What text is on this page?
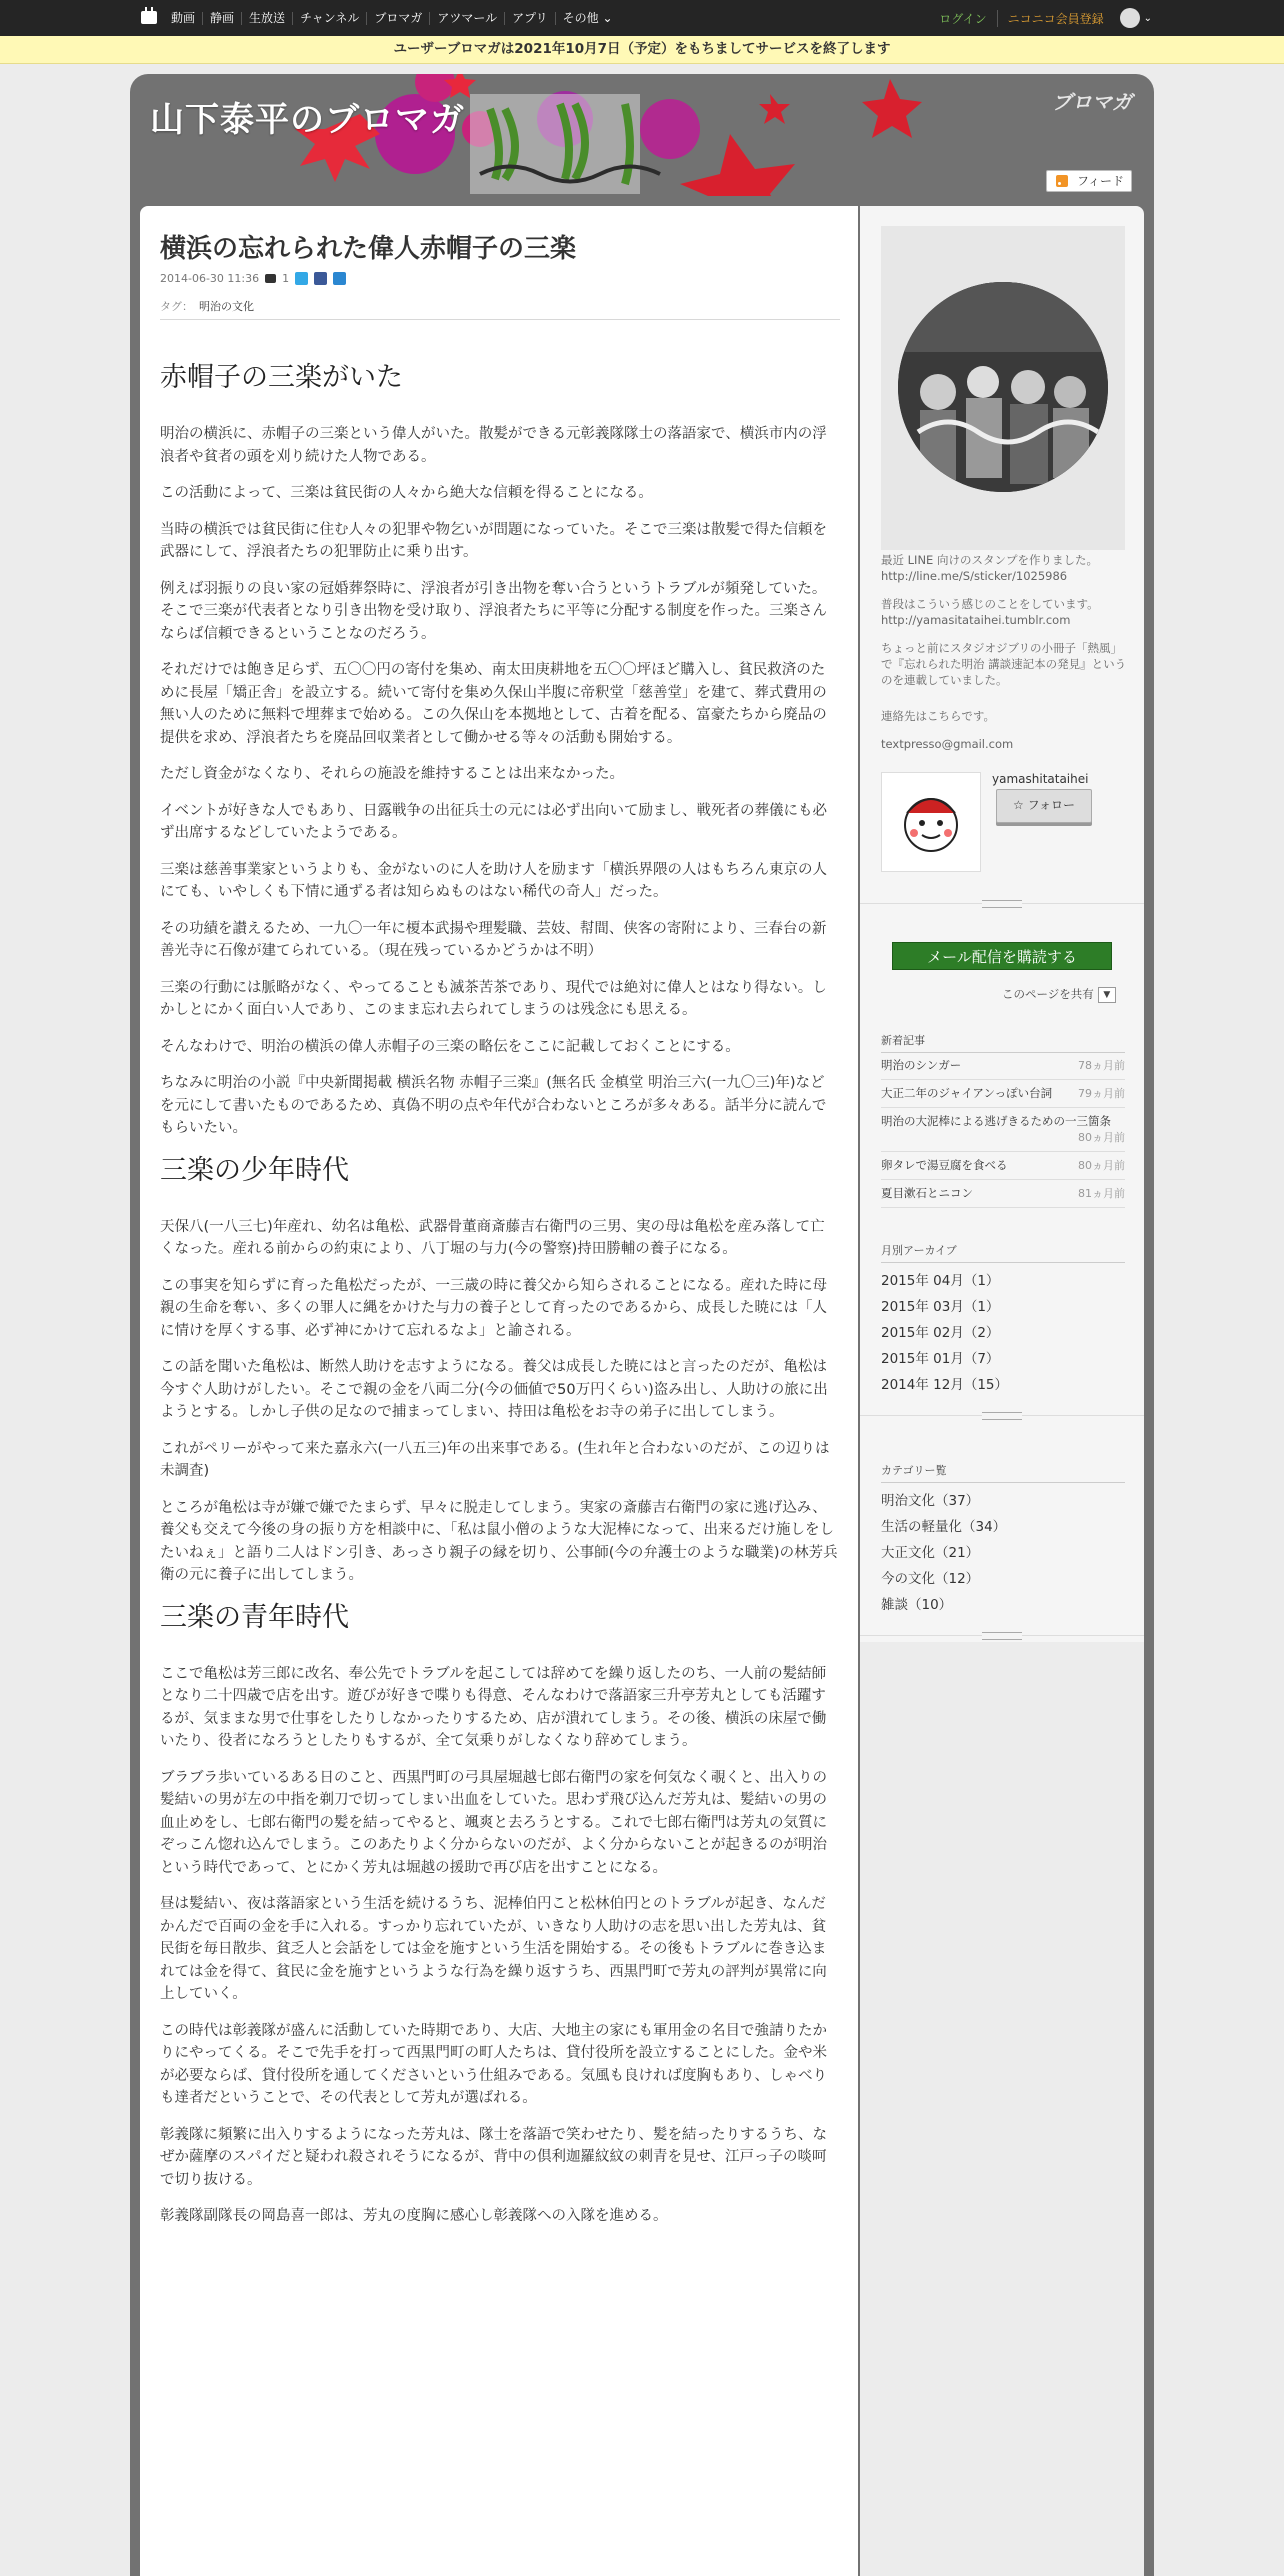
動画	静画	生放送	チャンネル	ブロマガ	アツマール	アプリ	その他 ⌄	ログイン	ニコニコ会員登録	⌄
ユーザーブロマガは2021年10月7日（予定）をもちましてサービスを終了します
山下泰平のブロマガ	ブロマガ
フィード
横浜の忘れられた偉人赤帽子の三楽
2014-06-30 11:36 1
タグ： 明治の文化
赤帽子の三楽がいた

明治の横浜に、赤帽子の三楽という偉人がいた。散髪ができる元彰義隊隊士の落語家で、横浜市内の浮浪者や貧者の頭を刈り続けた人物である。

この活動によって、三楽は貧民街の人々から絶大な信頼を得ることになる。

当時の横浜では貧民街に住む人々の犯罪や物乞いが問題になっていた。そこで三楽は散髪で得た信頼を武器にして、浮浪者たちの犯罪防止に乗り出す。

例えば羽振りの良い家の冠婚葬祭時に、浮浪者が引き出物を奪い合うというトラブルが頻発していた。そこで三楽が代表者となり引き出物を受け取り、浮浪者たちに平等に分配する制度を作った。三楽さんならば信頼できるということなのだろう。

それだけでは飽き足らず、五〇〇円の寄付を集め、南太田庚耕地を五〇〇坪ほど購入し、貧民救済のために長屋「矯正舎」を設立する。続いて寄付を集め久保山半腹に帝釈堂「慈善堂」を建て、葬式費用の無い人のために無料で埋葬まで始める。この久保山を本拠地として、古着を配る、富豪たちから廃品の提供を求め、浮浪者たちを廃品回収業者として働かせる等々の活動も開始する。

ただし資金がなくなり、それらの施設を維持することは出来なかった。

イベントが好きな人でもあり、日露戦争の出征兵士の元には必ず出向いて励まし、戦死者の葬儀にも必ず出席するなどしていたようである。

三楽は慈善事業家というよりも、金がないのに人を助け人を励ます「横浜界隈の人はもちろん東京の人にても、いやしくも下情に通ずる者は知らぬものはない稀代の奇人」だった。

その功績を讃えるため、一九〇一年に榎本武揚や理髪職、芸妓、幇間、侠客の寄附により、三春台の新善光寺に石像が建てられている。（現在残っているかどうかは不明）

三楽の行動には脈略がなく、やってることも滅茶苦茶であり、現代では絶対に偉人とはなり得ない。しかしとにかく面白い人であり、このまま忘れ去られてしまうのは残念にも思える。

そんなわけで、明治の横浜の偉人赤帽子の三楽の略伝をここに記載しておくことにする。

ちなみに明治の小説『中央新聞掲載 横浜名物 赤帽子三楽』(無名氏 金槙堂 明治三六(一九〇三)年)などを元にして書いたものであるため、真偽不明の点や年代が合わないところが多々ある。話半分に読んでもらいたい。

三楽の少年時代

天保八(一八三七)年産れ、幼名は亀松、武器骨董商斎藤吉右衛門の三男、実の母は亀松を産み落して亡くなった。産れる前からの約束により、八丁堀の与力(今の警察)持田勝輔の養子になる。

この事実を知らずに育った亀松だったが、一三歳の時に養父から知らされることになる。産れた時に母親の生命を奪い、多くの罪人に縄をかけた与力の養子として育ったのであるから、成長した暁には「人に情けを厚くする事、必ず神にかけて忘れるなよ」と諭される。

この話を聞いた亀松は、断然人助けを志すようになる。養父は成長した暁にはと言ったのだが、亀松は今すぐ人助けがしたい。そこで親の金を八両二分(今の価値で50万円くらい)盗み出し、人助けの旅に出ようとする。しかし子供の足なので捕まってしまい、持田は亀松をお寺の弟子に出してしまう。

これがペリーがやって来た嘉永六(一八五三)年の出来事である。(生れ年と合わないのだが、この辺りは未調査)

ところが亀松は寺が嫌で嫌でたまらず、早々に脱走してしまう。実家の斎藤吉右衛門の家に逃げ込み、養父も交えて今後の身の振り方を相談中に、「私は鼠小僧のような大泥棒になって、出来るだけ施しをしたいねぇ」と語り二人はドン引き、あっさり親子の縁を切り、公事師(今の弁護士のような職業)の林芳兵衛の元に養子に出してしまう。

三楽の青年時代

ここで亀松は芳三郎に改名、奉公先でトラブルを起こしては辞めてを繰り返したのち、一人前の髪結師となり二十四歳で店を出す。遊びが好きで喋りも得意、そんなわけで落語家三升亭芳丸としても活躍するが、気ままな男で仕事をしたりしなかったりするため、店が潰れてしまう。その後、横浜の床屋で働いたり、役者になろうとしたりもするが、全て気乗りがしなくなり辞めてしまう。

ブラブラ歩いているある日のこと、西黒門町の弓具屋堀越七郎右衛門の家を何気なく覗くと、出入りの髪結いの男が左の中指を剃刀で切ってしまい出血をしていた。思わず飛び込んだ芳丸は、髪結いの男の血止めをし、七郎右衛門の髪を結ってやると、颯爽と去ろうとする。これで七郎右衛門は芳丸の気質にぞっこん惚れ込んでしまう。このあたりよく分からないのだが、よく分からないことが起きるのが明治という時代であって、とにかく芳丸は堀越の援助で再び店を出すことになる。

昼は髪結い、夜は落語家という生活を続けるうち、泥棒伯円こと松林伯円とのトラブルが起き、なんだかんだで百両の金を手に入れる。すっかり忘れていたが、いきなり人助けの志を思い出した芳丸は、貧民街を毎日散歩、貧乏人と会話をしては金を施すという生活を開始する。その後もトラブルに巻き込まれては金を得て、貧民に金を施すというような行為を繰り返すうち、西黒門町で芳丸の評判が異常に向上していく。

この時代は彰義隊が盛んに活動していた時期であり、大店、大地主の家にも軍用金の名目で強請りたかりにやってくる。そこで先手を打って西黒門町の町人たちは、貸付役所を設立することにした。金や米が必要ならば、貸付役所を通してくださいという仕組みである。気風も良ければ度胸もあり、しゃべりも達者だということで、その代表として芳丸が選ばれる。

彰義隊に頻繁に出入りするようになった芳丸は、隊士を落語で笑わせたり、髪を結ったりするうち、なぜか薩摩のスパイだと疑われ殺されそうになるが、背中の倶利迦羅紋紋の刺青を見せ、江戸っ子の啖呵で切り抜ける。

彰義隊副隊長の岡島喜一郎は、芳丸の度胸に感心し彰義隊への入隊を進める。

最近 LINE 向けのスタンプを作りました。http://line.me/S/sticker/1025986
普段はこういう感じのことをしています。http://yamasitataihei.tumblr.com
ちょっと前にスタジオジブリの小冊子「熱風」で『忘れられた明治 講談速記本の発見』というのを連載していました。
連絡先はこちらです。
textpresso@gmail.com
yamashitataihei
☆ フォロー
メール配信を購読する
このページを共有 ▼
新着記事
明治のシンガー	78ヵ月前
大正二年のジャイアンっぽい台詞 79ヵ月前
明治の大泥棒による逃げきるための一三箇条
80ヵ月前
卵タレで湯豆腐を食べる	80ヵ月前
夏目漱石とニコン	81ヵ月前
月別アーカイブ
2015年 04月（1）
2015年 03月（1）
2015年 02月（2）
2015年 01月（7）
2014年 12月（15）
カテゴリー覧
明治文化（37）
生活の軽量化（34）
大正文化（21）
今の文化（12）
雑談（10）
